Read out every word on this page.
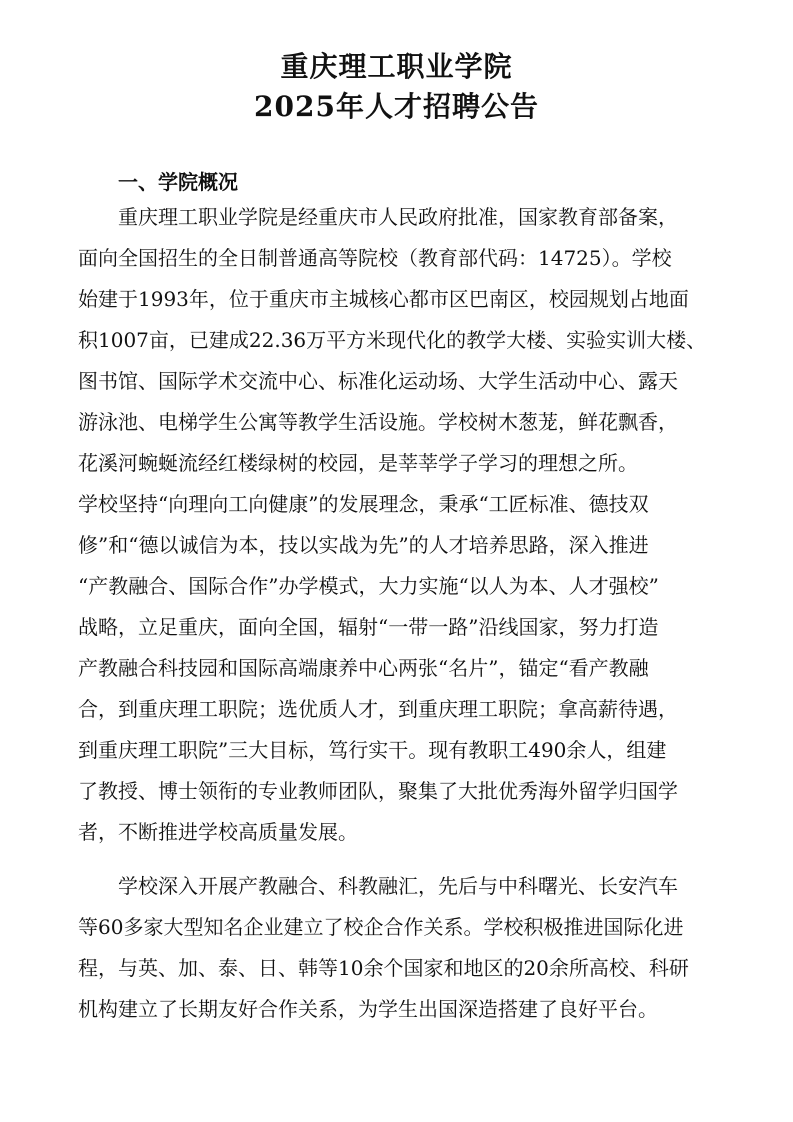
重庆理工职业学院
2025年人才招聘公告
一、学院概况

重庆理工职业学院是经重庆市人民政府批准，国家教育部备案，

面向全国招生的全日制普通高等院校（教育部代码：14725）。学校

始建于1993年，位于重庆市主城核心都市区巴南区，校园规划占地面

积1007亩，已建成22.36万平方米现代化的教学大楼、实验实训大楼、

图书馆、国际学术交流中心、标准化运动场、大学生活动中心、露天

游泳池、电梯学生公寓等教学生活设施。学校树木葱茏，鲜花飘香，

花溪河蜿蜒流经红楼绿树的校园，是莘莘学子学习的理想之所。

学校坚持“向理向工向健康”的发展理念，秉承“工匠标准、德技双

修”和“德以诚信为本，技以实战为先”的人才培养思路，深入推进

“产教融合、国际合作”办学模式，大力实施“以人为本、人才强校”

战略，立足重庆，面向全国，辐射“一带一路”沿线国家，努力打造

产教融合科技园和国际高端康养中心两张“名片”，锚定“看产教融

合，到重庆理工职院；选优质人才，到重庆理工职院；拿高薪待遇，

到重庆理工职院”三大目标，笃行实干。现有教职工490余人，组建

了教授、博士领衔的专业教师团队，聚集了大批优秀海外留学归国学

者，不断推进学校高质量发展。

学校深入开展产教融合、科教融汇，先后与中科曙光、长安汽车

等60多家大型知名企业建立了校企合作关系。学校积极推进国际化进

程，与英、加、泰、日、韩等10余个国家和地区的20余所高校、科研

机构建立了长期友好合作关系，为学生出国深造搭建了良好平台。
